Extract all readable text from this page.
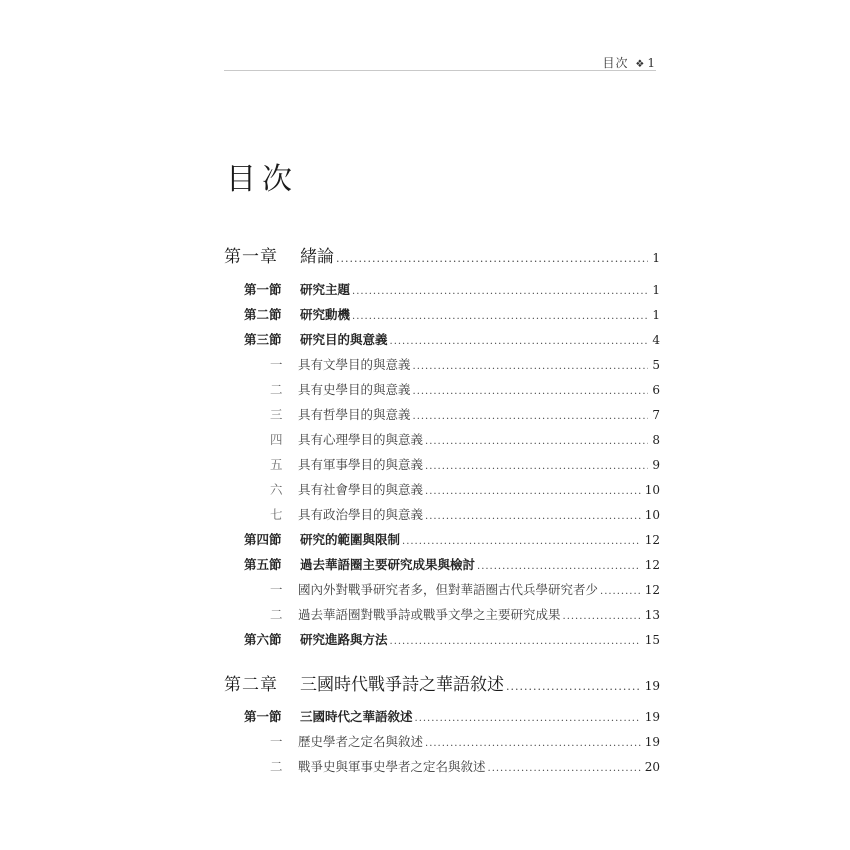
目次 ❖ 1
目次
第一章	緒論 .....	1
第一節	研究主題 .....	1
第二節	研究動機 .....	1
第三節	研究目的與意義 .....	4
一	具有文學目的與意義 .....	5
二	具有史學目的與意義 .....	6
三	具有哲學目的與意義 .....	7
四	具有心理學目的與意義 .....	8
五	具有軍事學目的與意義 .....	9
六	具有社會學目的與意義 .....	10
七	具有政治學目的與意義 .....	10
第四節	研究的範圍與限制 .....	12
第五節	過去華語圈主要研究成果與檢討 .....	12
一	國內外對戰爭研究者多，但對華語圈古代兵學研究者少 .....	12
二	過去華語圈對戰爭詩或戰爭文學之主要研究成果 .....	13
第六節	研究進路與方法 .....	15
第二章	三國時代戰爭詩之華語敘述 .....	19
第一節	三國時代之華語敘述 .....	19
一	歷史學者之定名與敘述 .....	19
二	戰爭史與軍事史學者之定名與敘述 .....	20
